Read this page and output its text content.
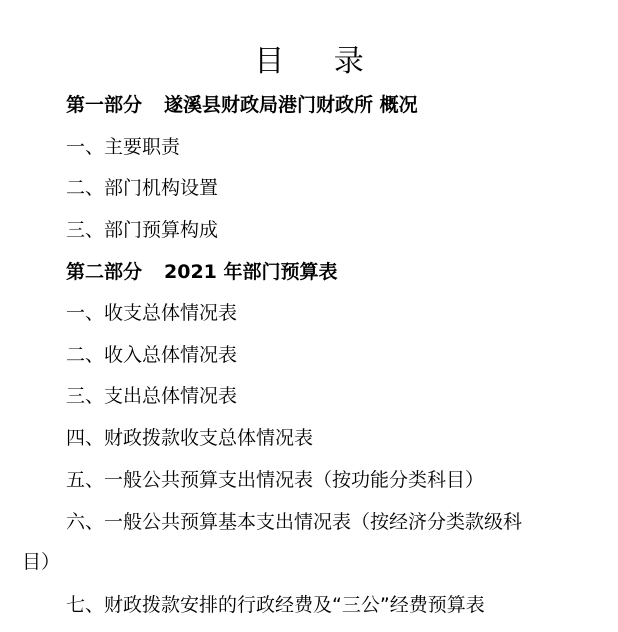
目 录
第一部分 遂溪县财政局港门财政所 概况
一、主要职责
二、部门机构设置
三、部门预算构成
第二部分 2021 年部门预算表
一、收支总体情况表
二、收入总体情况表
三、支出总体情况表
四、财政拨款收支总体情况表
五、一般公共预算支出情况表（按功能分类科目）
六、一般公共预算基本支出情况表（按经济分类款级科
目）
七、财政拨款安排的行政经费及“三公”经费预算表
